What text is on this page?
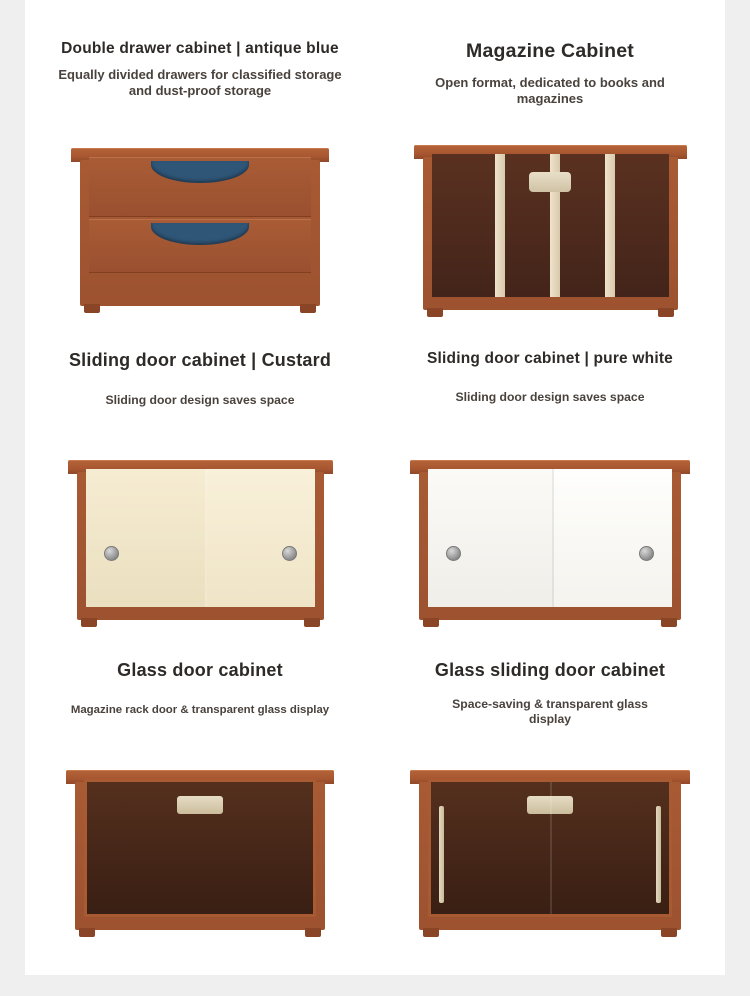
Double drawer cabinet | antique blue
Equally divided drawers for classified storage and dust-proof storage
Magazine Cabinet
Open format, dedicated to books and magazines
Sliding door cabinet | Custard
Sliding door design saves space
Sliding door cabinet | pure white
Sliding door design saves space
Glass door cabinet
Magazine rack door & transparent glass display
Glass sliding door cabinet
Space-saving & transparent glass display
